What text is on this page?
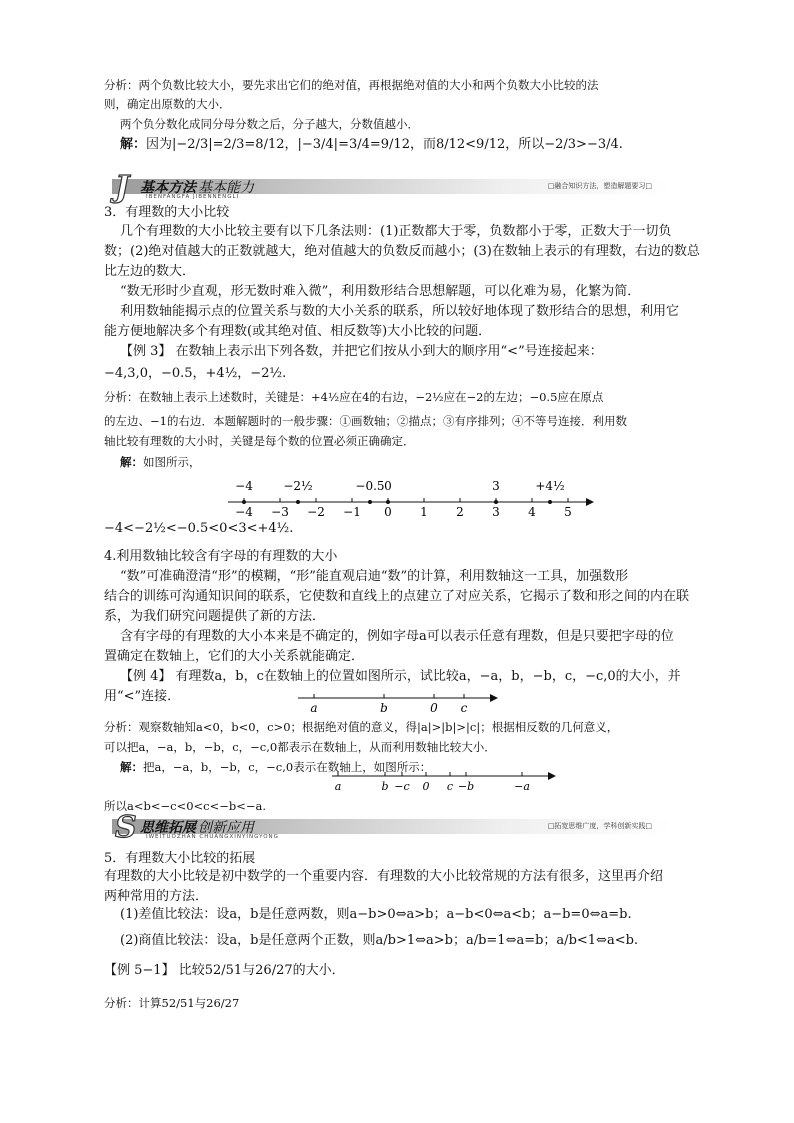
分析：两个负数比较大小，要先求出它们的绝对值，再根据绝对值的大小和两个负数大小比较的法
则，确定出原数的大小．
两个负分数化成同分母分数之后，分子越大，分数值越小．
解：因为|−2/3|=2/3=8/12，|−3/4|=3/4=9/12，而8/12<9/12，所以−2/3>−3/4.
J 基本方法 基本能力
IBENFANGFA JIBENNENGLI
□融合知识方法，塑造解题要习□
3．有理数的大小比较
几个有理数的大小比较主要有以下几条法则：(1)正数都大于零，负数都小于零，正数大于一切负
数；(2)绝对值越大的正数就越大，绝对值越大的负数反而越小；(3)在数轴上表示的有理数，右边的数总
比左边的数大．
“数无形时少直观，形无数时难入微”，利用数形结合思想解题，可以化难为易，化繁为简．
利用数轴能揭示点的位置关系与数的大小关系的联系，所以较好地体现了数形结合的思想，利用它
能方便地解决多个有理数(或其绝对值、相反数等)大小比较的问题．
【例 3】 在数轴上表示出下列各数，并把它们按从小到大的顺序用“<”号连接起来：
−4,3,0，−0.5，+4½，−2½.
分析：在数轴上表示上述数时，关键是：+4½应在4的右边，−2½应在−2的左边；−0.5应在原点
的左边、−1的右边．本题解题时的一般步骤：①画数轴；②描点；③有序排列；④不等号连接．利用数
轴比较有理数的大小时，关键是每个数的位置必须正确确定．
解：如图所示，
−4 −3 −2 −1 0 1 2 3 4 5
−4	−2½	−0.5 0	3	+4½
−4<−2½<−0.5<0<3<+4½.
4.利用数轴比较含有字母的有理数的大小
“数”可准确澄清“形”的模糊，“形”能直观启迪“数”的计算，利用数轴这一工具，加强数形
结合的训练可沟通知识间的联系，它使数和直线上的点建立了对应关系，它揭示了数和形之间的内在联
系，为我们研究问题提供了新的方法．
含有字母的有理数的大小本来是不确定的，例如字母a可以表示任意有理数，但是只要把字母的位
置确定在数轴上，它们的大小关系就能确定．
【例 4】 有理数a，b，c在数轴上的位置如图所示，试比较a，−a，b，−b，c，−c,0的大小，并
用“<”连接．
a	b	0 c
分析：观察数轴知a<0，b<0，c>0；根据绝对值的意义，得|a|>|b|>|c|；根据相反数的几何意义，
可以把a，−a，b，−b，c，−c,0都表示在数轴上，从而利用数轴比较大小．
解：把a，−a，b，−b，c，−c,0表示在数轴上，如图所示：
a	b −c 0 c −b	−a
所以a<b<−c<0<c<−b<−a.
S 思维拓展 创新应用
IWEITUOZHAN CHUANGXINYINGYONG
□拓宽思维广度，学科创新实践□
5．有理数大小比较的拓展
有理数的大小比较是初中数学的一个重要内容．有理数的大小比较常规的方法有很多，这里再介绍
两种常用的方法．
(1)差值比较法：设a，b是任意两数，则a−b>0⇔a>b；a−b<0⇔a<b；a−b=0⇔a=b.
(2)商值比较法：设a，b是任意两个正数，则a/b>1⇔a>b；a/b=1⇔a=b；a/b<1⇔a<b.
【例 5−1】 比较52/51与26/27的大小．
分析：计算52/51与26/27
